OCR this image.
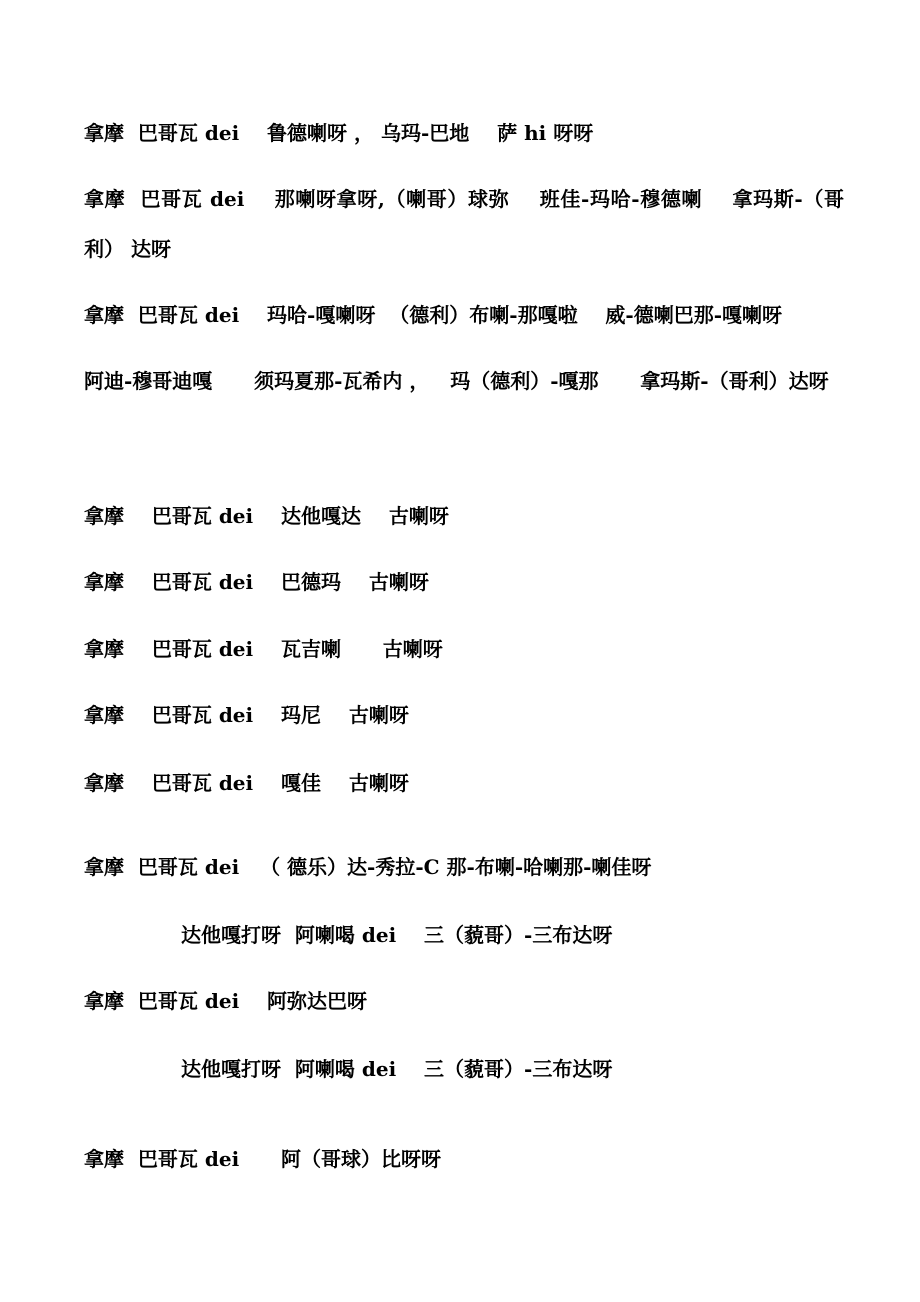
拿摩  巴哥瓦 dei    鲁德喇呀 ， 乌玛-巴地    萨 hi 呀呀

拿摩  巴哥瓦 dei    那喇呀拿呀,（喇哥）球弥    班佳-玛哈-穆德喇    拿玛斯-（哥利） 达呀

拿摩  巴哥瓦 dei    玛哈-嘎喇呀  （德利）布喇-那嘎啦    威-德喇巴那-嘎喇呀

阿迪-穆哥迪嘎      须玛夏那-瓦希内 ，   玛（德利）-嘎那      拿玛斯-（哥利）达呀

拿摩    巴哥瓦 dei    达他嘎达    古喇呀

拿摩    巴哥瓦 dei    巴德玛    古喇呀

拿摩    巴哥瓦 dei    瓦吉喇      古喇呀

拿摩    巴哥瓦 dei    玛尼    古喇呀

拿摩    巴哥瓦 dei    嘎佳    古喇呀

拿摩  巴哥瓦 dei   （ 德乐）达-秀拉-C 那-布喇-哈喇那-喇佳呀

达他嘎打呀  阿喇喝 dei    三（藐哥）-三布达呀

拿摩  巴哥瓦 dei    阿弥达巴呀

达他嘎打呀  阿喇喝 dei    三（藐哥）-三布达呀

拿摩  巴哥瓦 dei      阿（哥球）比呀呀
